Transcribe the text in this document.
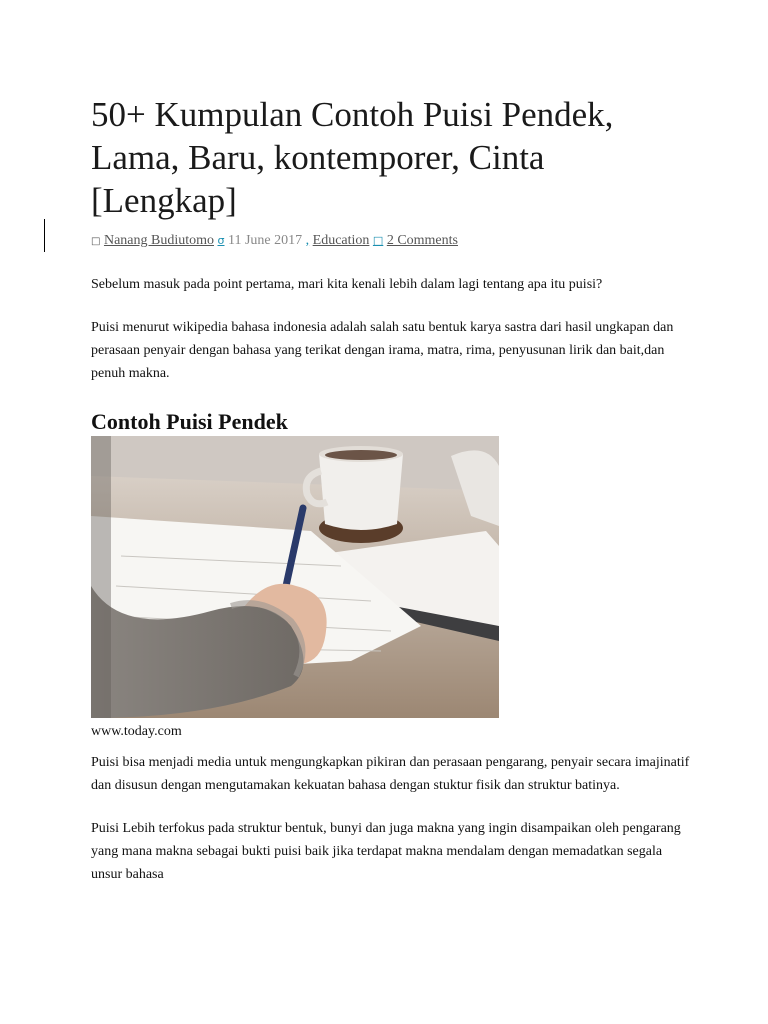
50+ Kumpulan Contoh Puisi Pendek, Lama, Baru, kontemporer, Cinta [Lengkap]
□ Nanang Budiutomo σ 11 June 2017 , Education □ 2 Comments

Sebelum masuk pada point pertama, mari kita kenali lebih dalam lagi tentang apa itu puisi?

Puisi menurut wikipedia bahasa indonesia adalah salah satu bentuk karya sastra dari hasil ungkapan dan perasaan penyair dengan bahasa yang terikat dengan irama, matra, rima, penyusunan lirik dan bait,dan penuh makna.

Contoh Puisi Pendek
www.today.com

Puisi bisa menjadi media untuk mengungkapkan pikiran dan perasaan pengarang, penyair secara imajinatif dan disusun dengan mengutamakan kekuatan bahasa dengan stuktur fisik dan struktur batinya.

Puisi Lebih terfokus pada struktur bentuk, bunyi dan juga makna yang ingin disampaikan oleh pengarang yang mana makna sebagai bukti puisi baik jika terdapat makna mendalam dengan memadatkan segala unsur bahasa
